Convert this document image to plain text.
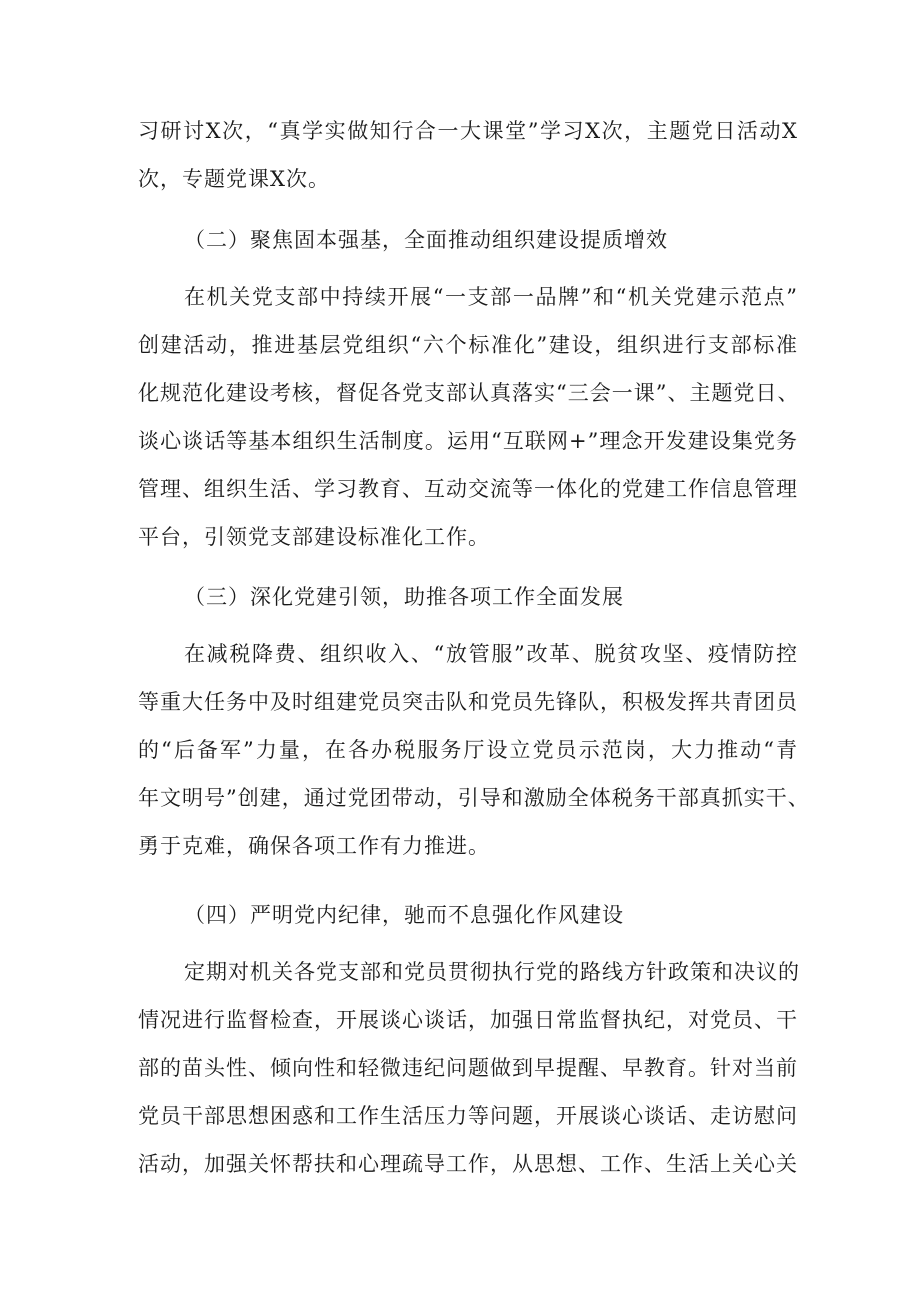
习研讨X次，“真学实做知行合一大课堂”学习X次，主题党日活动X
次，专题党课X次。
（二）聚焦固本强基，全面推动组织建设提质增效
在机关党支部中持续开展“一支部一品牌”和“机关党建示范点”
创建活动，推进基层党组织“六个标准化”建设，组织进行支部标准
化规范化建设考核，督促各党支部认真落实“三会一课”、主题党日、
谈心谈话等基本组织生活制度。运用“互联网+”理念开发建设集党务
管理、组织生活、学习教育、互动交流等一体化的党建工作信息管理
平台，引领党支部建设标准化工作。
（三）深化党建引领，助推各项工作全面发展
在减税降费、组织收入、“放管服”改革、脱贫攻坚、疫情防控
等重大任务中及时组建党员突击队和党员先锋队，积极发挥共青团员
的“后备军”力量，在各办税服务厅设立党员示范岗，大力推动“青
年文明号”创建，通过党团带动，引导和激励全体税务干部真抓实干、
勇于克难，确保各项工作有力推进。
（四）严明党内纪律，驰而不息强化作风建设
定期对机关各党支部和党员贯彻执行党的路线方针政策和决议的
情况进行监督检查，开展谈心谈话，加强日常监督执纪，对党员、干
部的苗头性、倾向性和轻微违纪问题做到早提醒、早教育。针对当前
党员干部思想困惑和工作生活压力等问题，开展谈心谈话、走访慰问
活动，加强关怀帮扶和心理疏导工作，从思想、工作、生活上关心关
